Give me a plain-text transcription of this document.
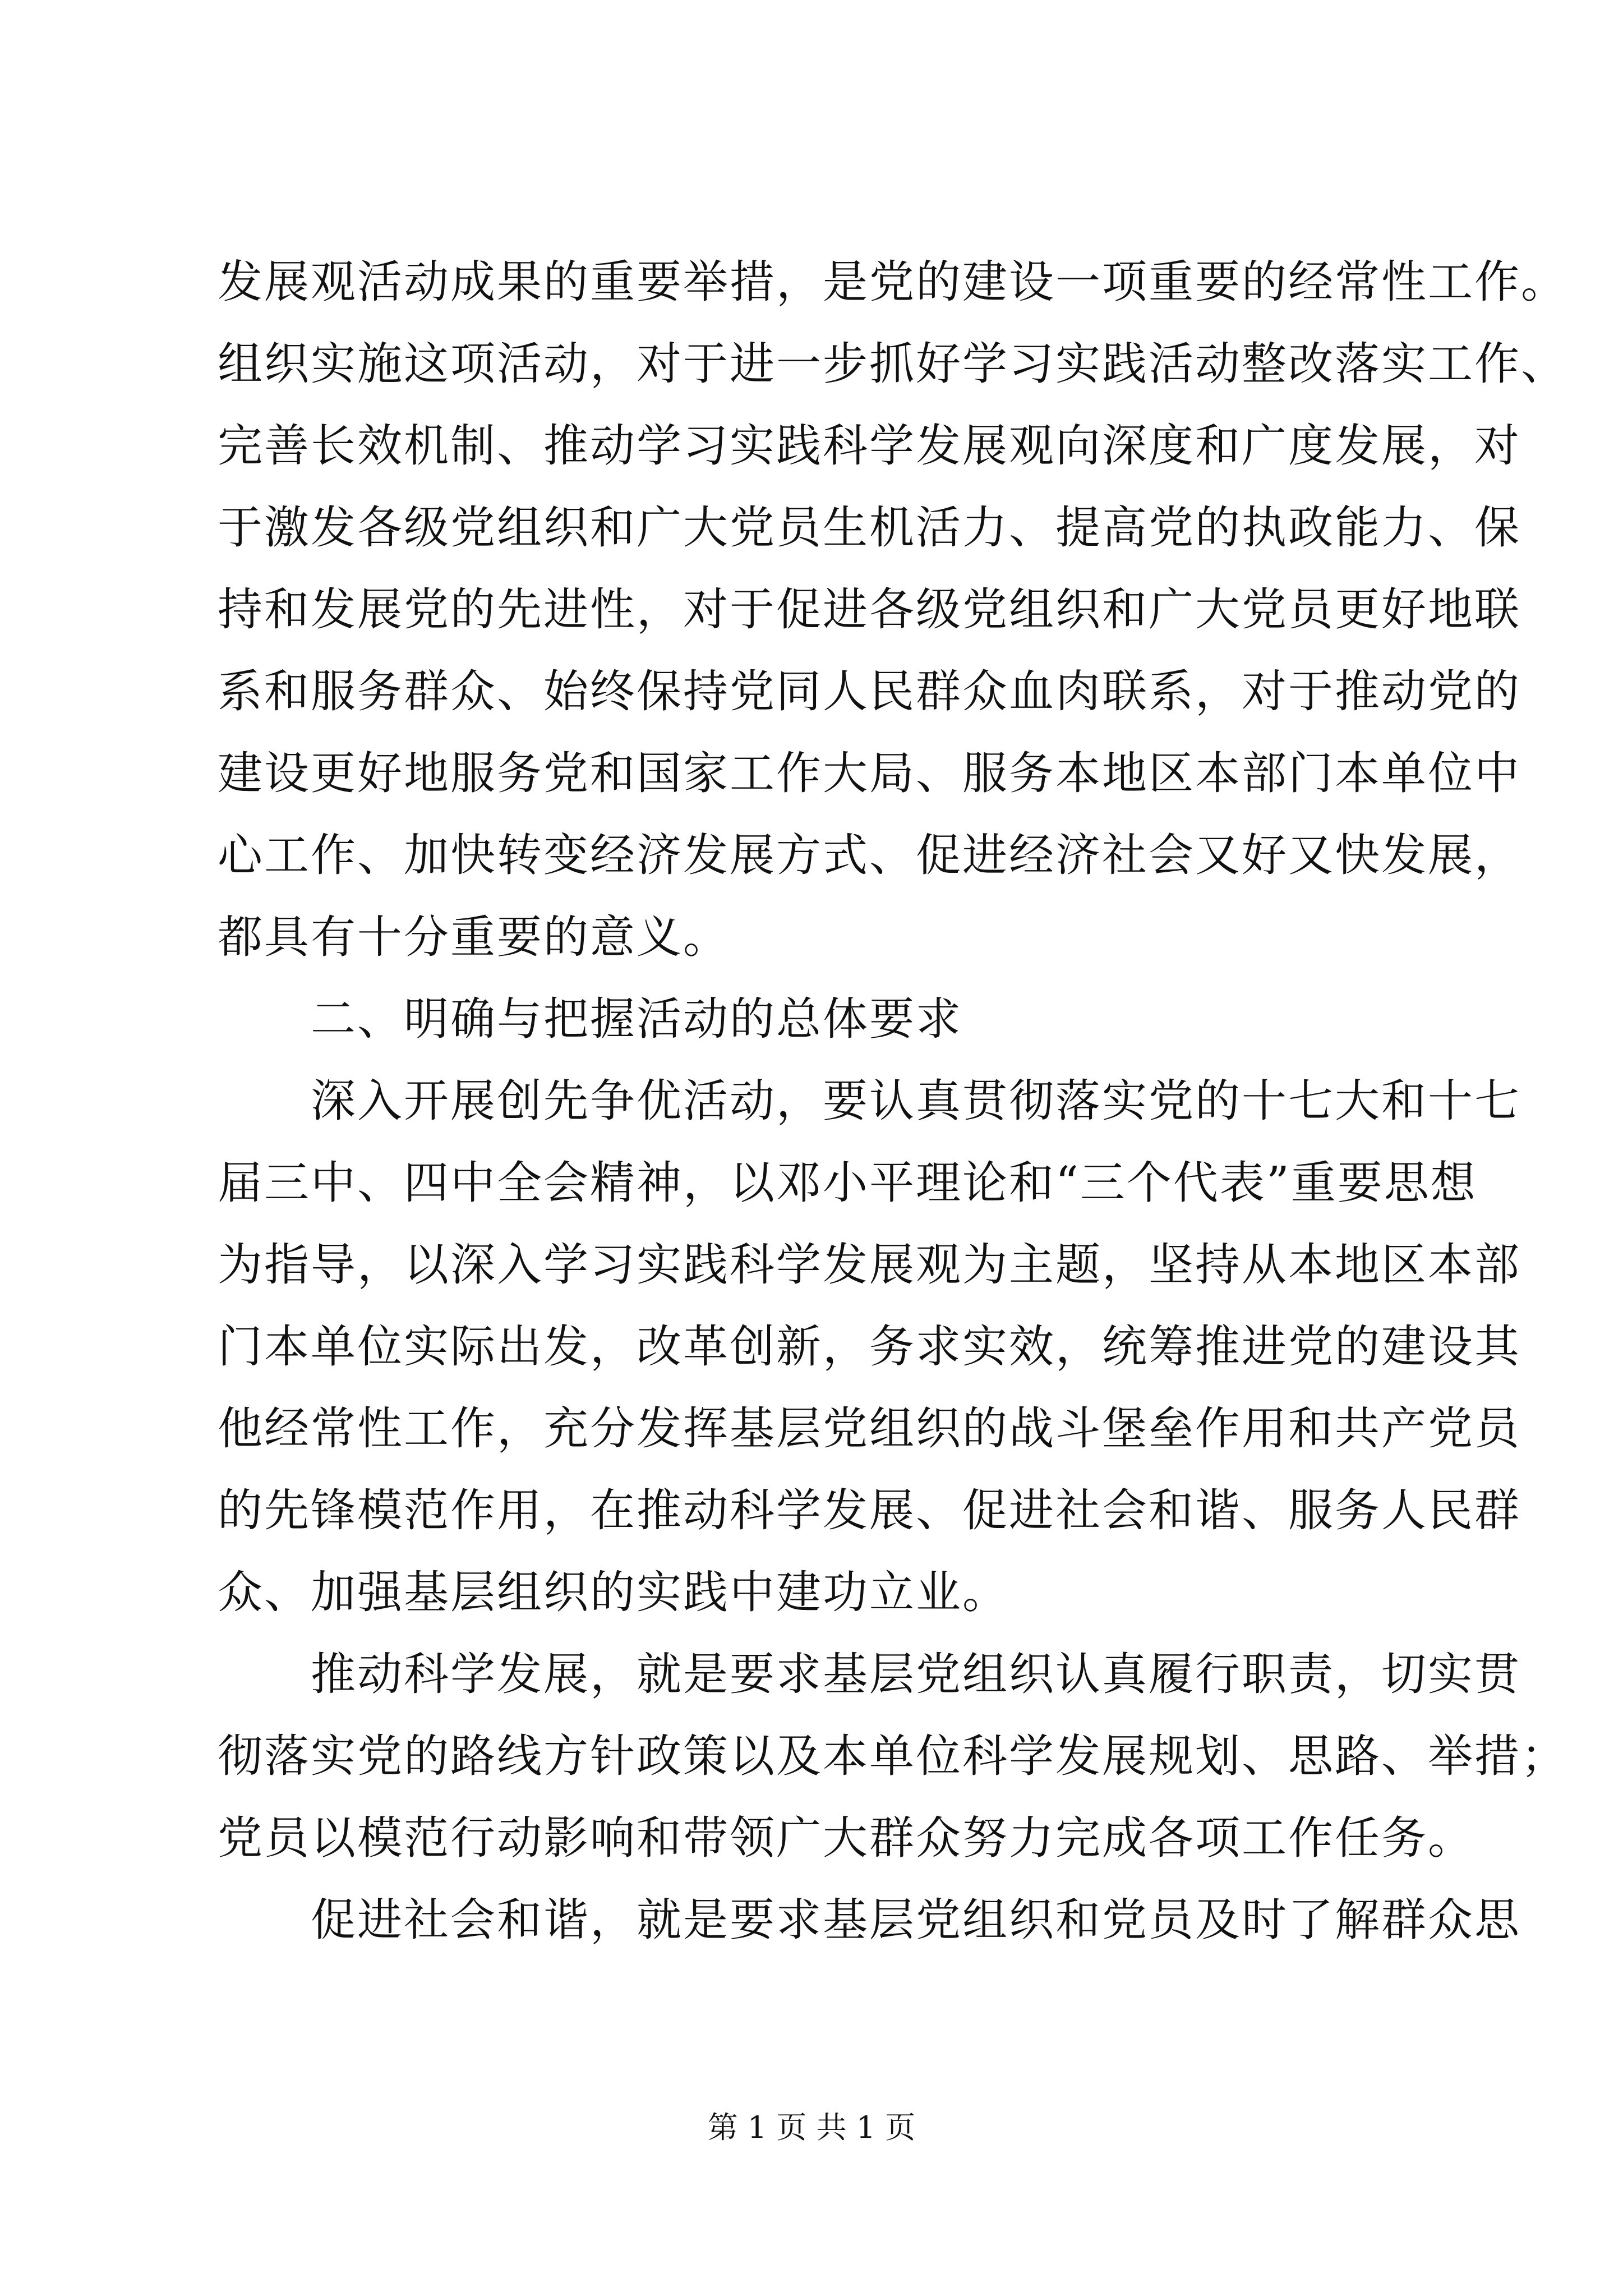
发展观活动成果的重要举措，是党的建设一项重要的经常性工作。
组织实施这项活动，对于进一步抓好学习实践活动整改落实工作、
完善长效机制、推动学习实践科学发展观向深度和广度发展，对
于激发各级党组织和广大党员生机活力、提高党的执政能力、保
持和发展党的先进性，对于促进各级党组织和广大党员更好地联
系和服务群众、始终保持党同人民群众血肉联系，对于推动党的
建设更好地服务党和国家工作大局、服务本地区本部门本单位中
心工作、加快转变经济发展方式、促进经济社会又好又快发展，
都具有十分重要的意义。
　　二、明确与把握活动的总体要求
　　深入开展创先争优活动，要认真贯彻落实党的十七大和十七
届三中、四中全会精神，以邓小平理论和“三个代表”重要思想
为指导，以深入学习实践科学发展观为主题，坚持从本地区本部
门本单位实际出发，改革创新，务求实效，统筹推进党的建设其
他经常性工作，充分发挥基层党组织的战斗堡垒作用和共产党员
的先锋模范作用，在推动科学发展、促进社会和谐、服务人民群
众、加强基层组织的实践中建功立业。
　　推动科学发展，就是要求基层党组织认真履行职责，切实贯
彻落实党的路线方针政策以及本单位科学发展规划、思路、举措；
党员以模范行动影响和带领广大群众努力完成各项工作任务。
　　促进社会和谐，就是要求基层党组织和党员及时了解群众思
第 1 页 共 1 页
